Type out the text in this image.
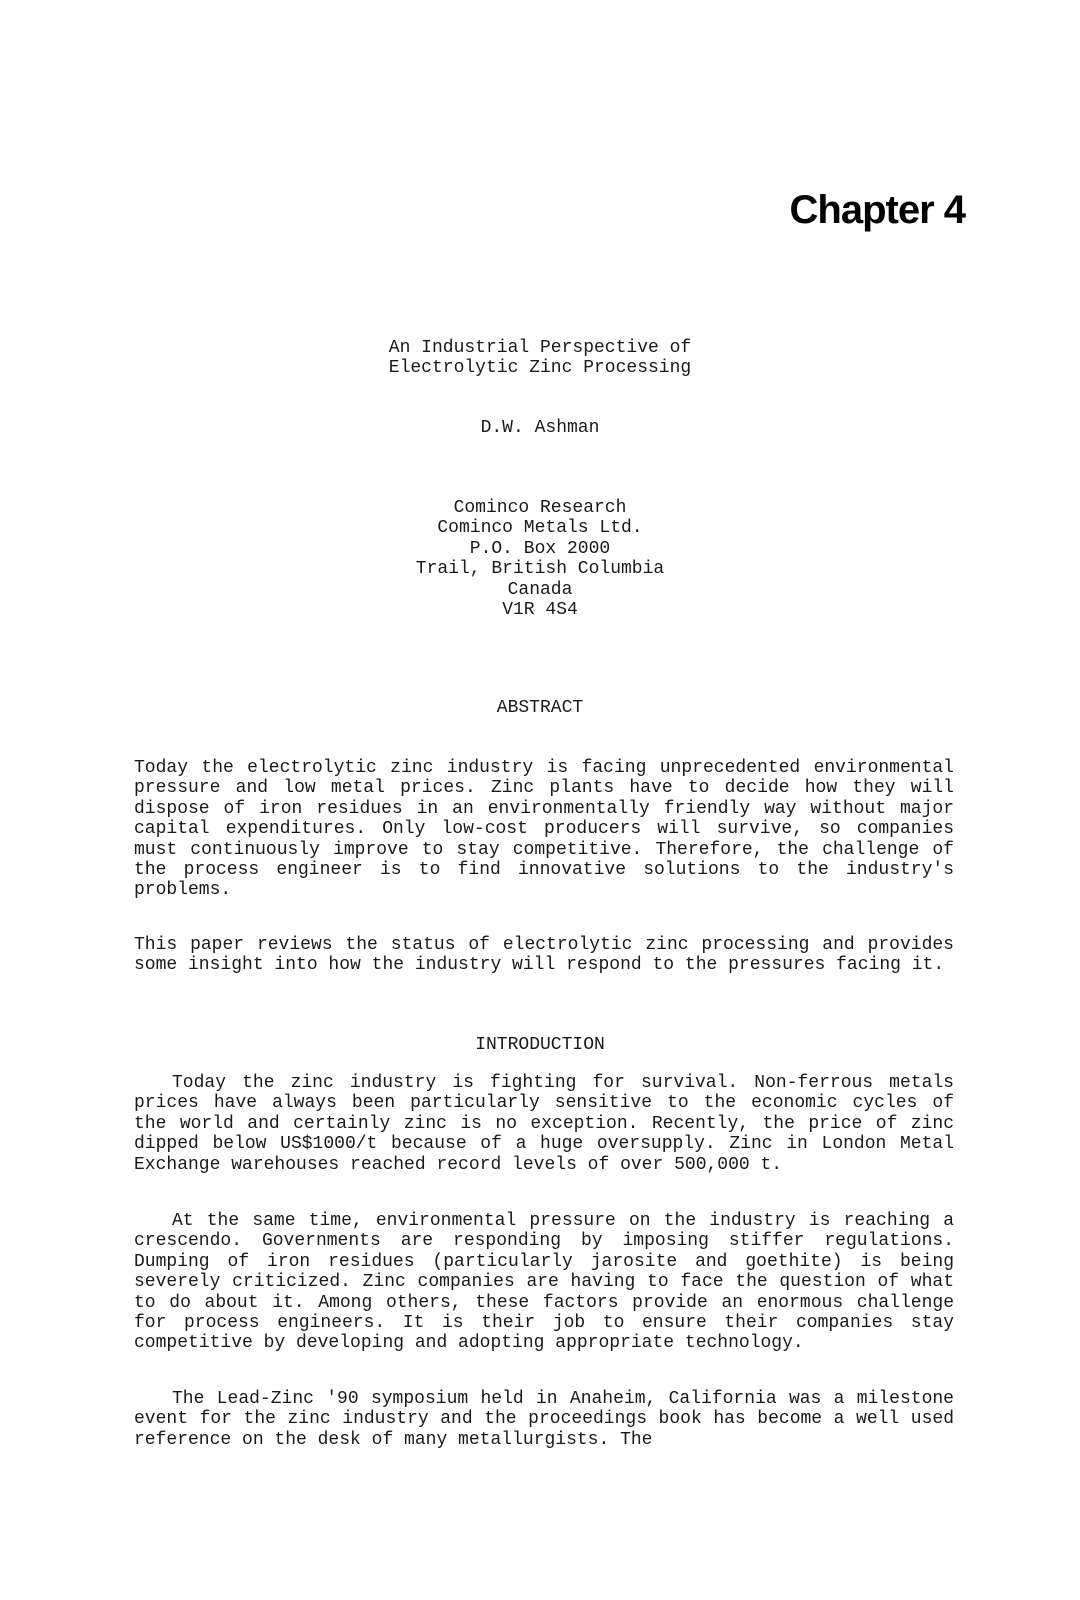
Chapter 4
An Industrial Perspective of
Electrolytic Zinc Processing
D.W. Ashman
Cominco Research
Cominco Metals Ltd.
P.O. Box 2000
Trail, British Columbia
Canada
V1R 4S4
ABSTRACT
Today the electrolytic zinc industry is facing unprecedented environmental pressure and low metal prices. Zinc plants have to decide how they will dispose of iron residues in an environmentally friendly way without major capital expenditures. Only low-cost producers will survive, so companies must continuously improve to stay competitive. Therefore, the challenge of the process engineer is to find innovative solutions to the industry's problems.
This paper reviews the status of electrolytic zinc processing and provides some insight into how the industry will respond to the pressures facing it.
INTRODUCTION
Today the zinc industry is fighting for survival. Non-ferrous metals prices have always been particularly sensitive to the economic cycles of the world and certainly zinc is no exception. Recently, the price of zinc dipped below US$1000/t because of a huge oversupply. Zinc in London Metal Exchange warehouses reached record levels of over 500,000 t.
At the same time, environmental pressure on the industry is reaching a crescendo. Governments are responding by imposing stiffer regulations. Dumping of iron residues (particularly jarosite and goethite) is being severely criticized. Zinc companies are having to face the question of what to do about it. Among others, these factors provide an enormous challenge for process engineers. It is their job to ensure their companies stay competitive by developing and adopting appropriate technology.
The Lead-Zinc '90 symposium held in Anaheim, California was a milestone event for the zinc industry and the proceedings book has become a well used reference on the desk of many metallurgists. The
